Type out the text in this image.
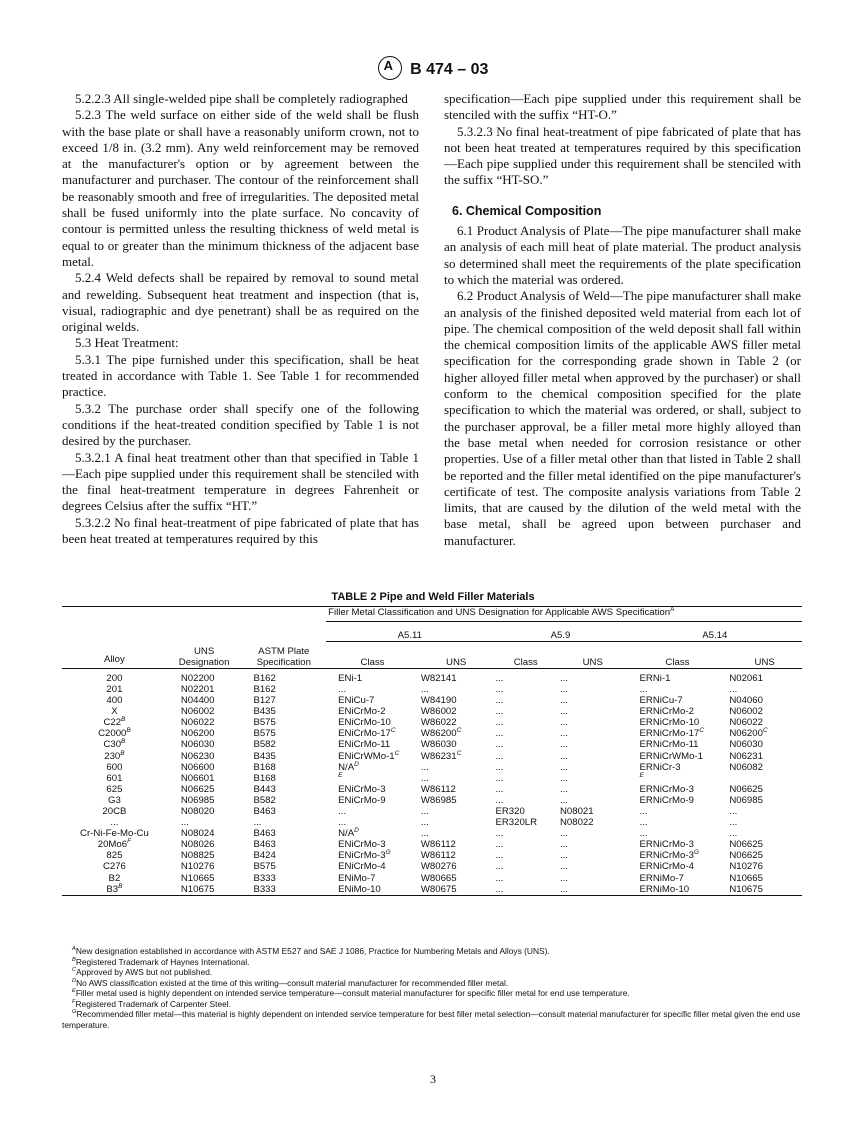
A B 474 – 03

5.2.2.3 All single-welded pipe shall be completely radiographed

5.2.3 The weld surface on either side of the weld shall be flush with the base plate or shall have a reasonably uniform crown, not to exceed 1/8 in. (3.2 mm). Any weld reinforcement may be removed at the manufacturer's option or by agreement between the manufacturer and purchaser. The contour of the reinforcement shall be reasonably smooth and free of irregularities. The deposited metal shall be fused uniformly into the plate surface. No concavity of contour is permitted unless the resulting thickness of weld metal is equal to or greater than the minimum thickness of the adjacent base metal.

5.2.4 Weld defects shall be repaired by removal to sound metal and rewelding. Subsequent heat treatment and inspection (that is, visual, radiographic and dye penetrant) shall be as required on the original welds.

5.3 Heat Treatment:

5.3.1 The pipe furnished under this specification, shall be heat treated in accordance with Table 1. See Table 1 for recommended practice.

5.3.2 The purchase order shall specify one of the following conditions if the heat-treated condition specified by Table 1 is not desired by the purchaser.

5.3.2.1 A final heat treatment other than that specified in Table 1—Each pipe supplied under this requirement shall be stenciled with the final heat-treatment temperature in degrees Fahrenheit or degrees Celsius after the suffix “HT.”

5.3.2.2 No final heat-treatment of pipe fabricated of plate that has been heat treated at temperatures required by this

specification—Each pipe supplied under this requirement shall be stenciled with the suffix “HT-O.”

5.3.2.3 No final heat-treatment of pipe fabricated of plate that has not been heat treated at temperatures required by this specification—Each pipe supplied under this requirement shall be stenciled with the suffix “HT-SO.”

6. Chemical Composition

6.1 Product Analysis of Plate—The pipe manufacturer shall make an analysis of each mill heat of plate material. The product analysis so determined shall meet the requirements of the plate specification to which the material was ordered.

6.2 Product Analysis of Weld—The pipe manufacturer shall make an analysis of the finished deposited weld material from each lot of pipe. The chemical composition of the weld deposit shall fall within the chemical composition limits of the applicable AWS filler metal specification for the corresponding grade shown in Table 2 (or higher alloyed filler metal when approved by the purchaser) or shall conform to the chemical composition specified for the plate specification to which the material was ordered, or shall, subject to the purchaser approval, be a filler metal more highly alloyed than the base metal when needed for corrosion resistance or other properties. Use of a filler metal other than that listed in Table 2 shall be reported and the filler metal identified on the pipe manufacturer's certificate of test. The composite analysis variations from Table 2 limits, that are caused by the dilution of the weld metal with the base metal, shall be agreed upon between purchaser and manufacturer.

TABLE 2 Pipe and Weld Filler Materials
			Filler Metal Classification and UNS Designation for Applicable AWS Specification$^A$
			A5.11		A5.9		A5.14	
Alloy	UNS Designation	ASTM Plate Specification	Class	UNS	Class	UNS	Class	UNS
200	N02200	B162	ENi-1	W82141	...	...	ERNi-1	N02061
201	N02201	B162	...	...	...	...	...	...
400	N04400	B127	ENiCu-7	W84190	...	...	ERNiCu-7	N04060
X	N06002	B435	ENiCrMo-2	W86002	...	...	ERNiCrMo-2	N06002
$C22^B$	N06022	B575	ENiCrMo-10	W86022	...	...	ERNiCrMo-10	N06022
$C2000^B$	N06200	B575	ENiCrMo-$17^C$	$W86200^C$	...	...	ERNiCrMo-$17^C$	$N06200^C$
$C30^B$	N06030	B582	ENiCrMo-11	W86030	...	...	ERNiCrMo-11	N06030
$230^B$	N06230	B435	ENiCrWMo-$1^C$	$W86231^C$	...	...	ERNiCrWMo-1	N06231
600	N06600	B168	$N/A^D$	...	...	...	ERNiCr-3	N06082
601	N06601	B168	$^E$	...	...	...	$^E$	
625	N06625	B443	ENiCrMo-3	W86112	...	...	ERNiCrMo-3	N06625
G3	N06985	B582	ENiCrMo-9	W86985	...	...	ERNiCrMo-9	N06985
20CB	N08020	B463	...	...	ER320	N08021	...	...
...	...	...	...	...	ER320LR	N08022	...	...
Cr-Ni-Fe-Mo-Cu	N08024	B463	$N/A^D$	...	...	...	...	...
$20Mo6^F$	N08026	B463	ENiCrMo-3	W86112	...	...	ERNiCrMo-3	N06625
825	N08825	B424	ENiCrMo-$3^G$	W86112	...	...	ERNiCrMo-$3^G$	N06625
C276	N10276	B575	ENiCrMo-4	W80276	...	...	ERNiCrMo-4	N10276
B2	N10665	B333	ENiMo-7	W80665	...	...	ERNiMo-7	N10665
$B3^B$	N10675	B333	ENiMo-10	W80675	...	...	ERNiMo-10	N10675
$^A$New designation established in accordance with ASTM E527 and SAE J 1086, Practice for Numbering Metals and Alloys (UNS).
$^B$Registered Trademark of Haynes International.
$^C$Approved by AWS but not published.
$^D$No AWS classification existed at the time of this writing—consult material manufacturer for recommended filler metal.
$^E$Filler metal used is highly dependent on intended service temperature—consult material manufacturer for specific filler metal for end use temperature.
$^F$Registered Trademark of Carpenter Steel.
$^G$Recommended filler metal—this material is highly dependent on intended service temperature for best filler metal selection—consult material manufacturer for specific filler metal given the end use temperature.
3
